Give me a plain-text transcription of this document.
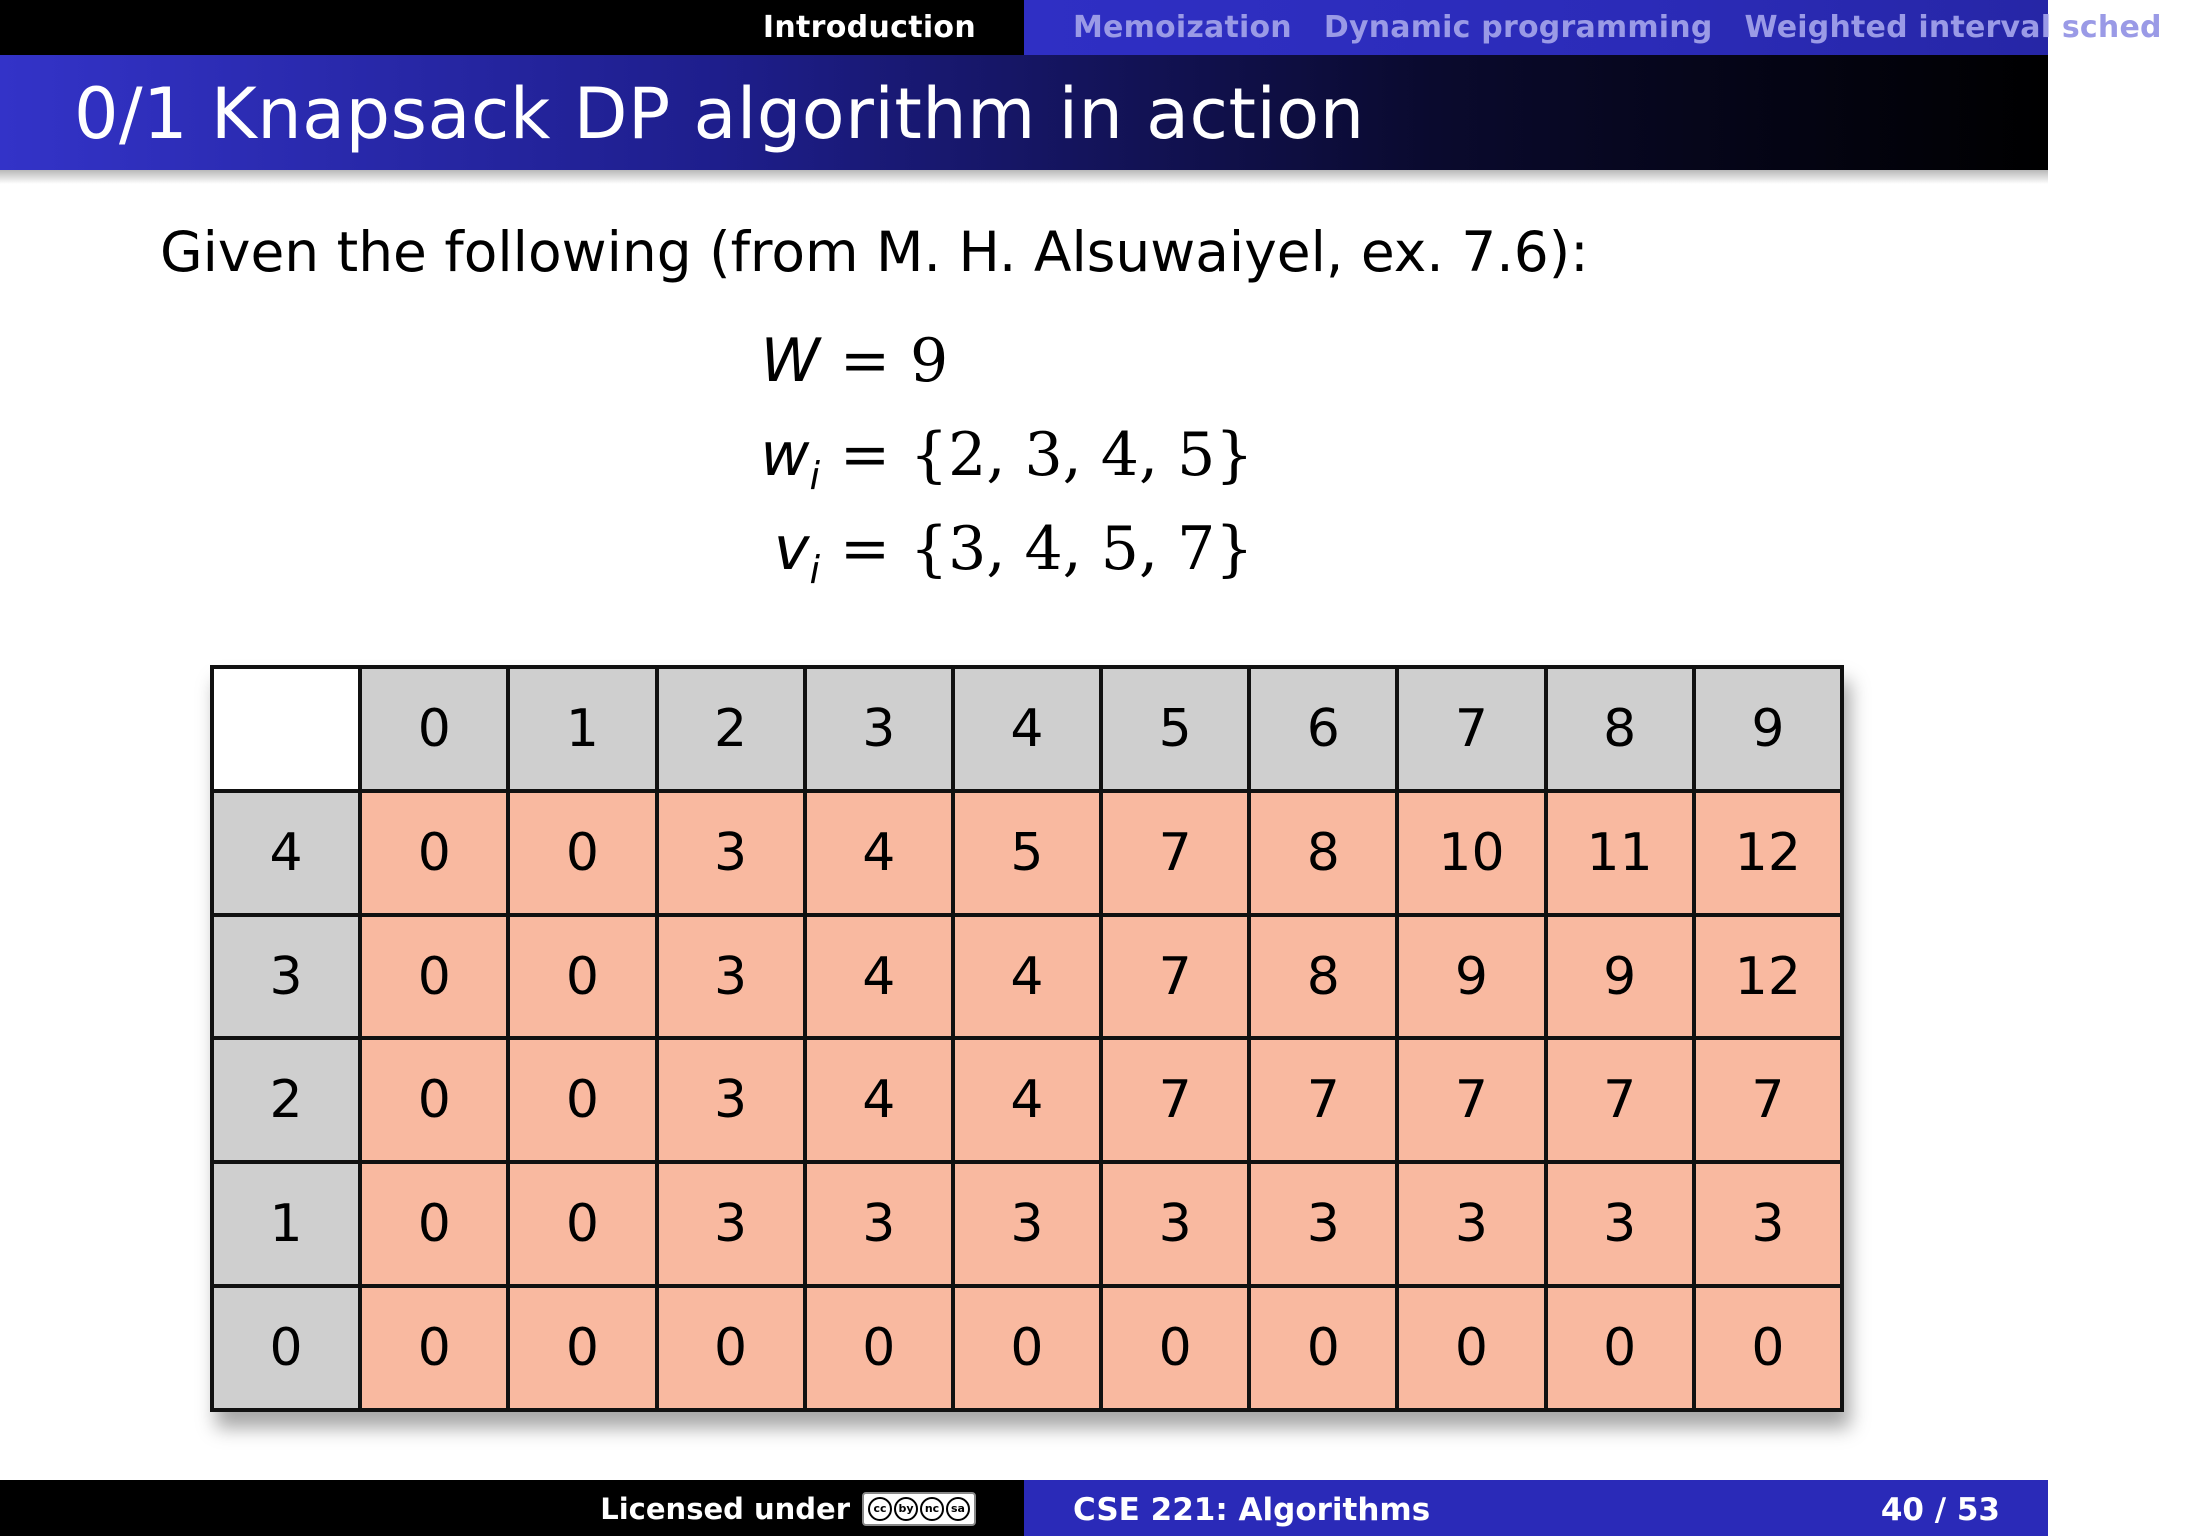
Introduction	Memoization Dynamic programming Weighted interval sched
0/1 Knapsack DP algorithm in action
Given the following (from M. H. Alsuwaiyel, ex. 7.6):
W = 9
$w_i = \{2$, 3, 4, 5}
$v_i = \{3$, 4, 5, 7}
	0	1	2	3	4	5	6	7	8	9
4	0	0	3	4	5	7	8	10	11	12
3	0	0	3	4	4	7	8	9	9	12
2	0	0	3	4	4	7	7	7	7	7
1	0	0	3	3	3	3	3	3	3	3
0	0	0	0	0	0	0	0	0	0	0
Licensed under	cc	by	nc	sa	CSE 221: Algorithms	40 / 53
